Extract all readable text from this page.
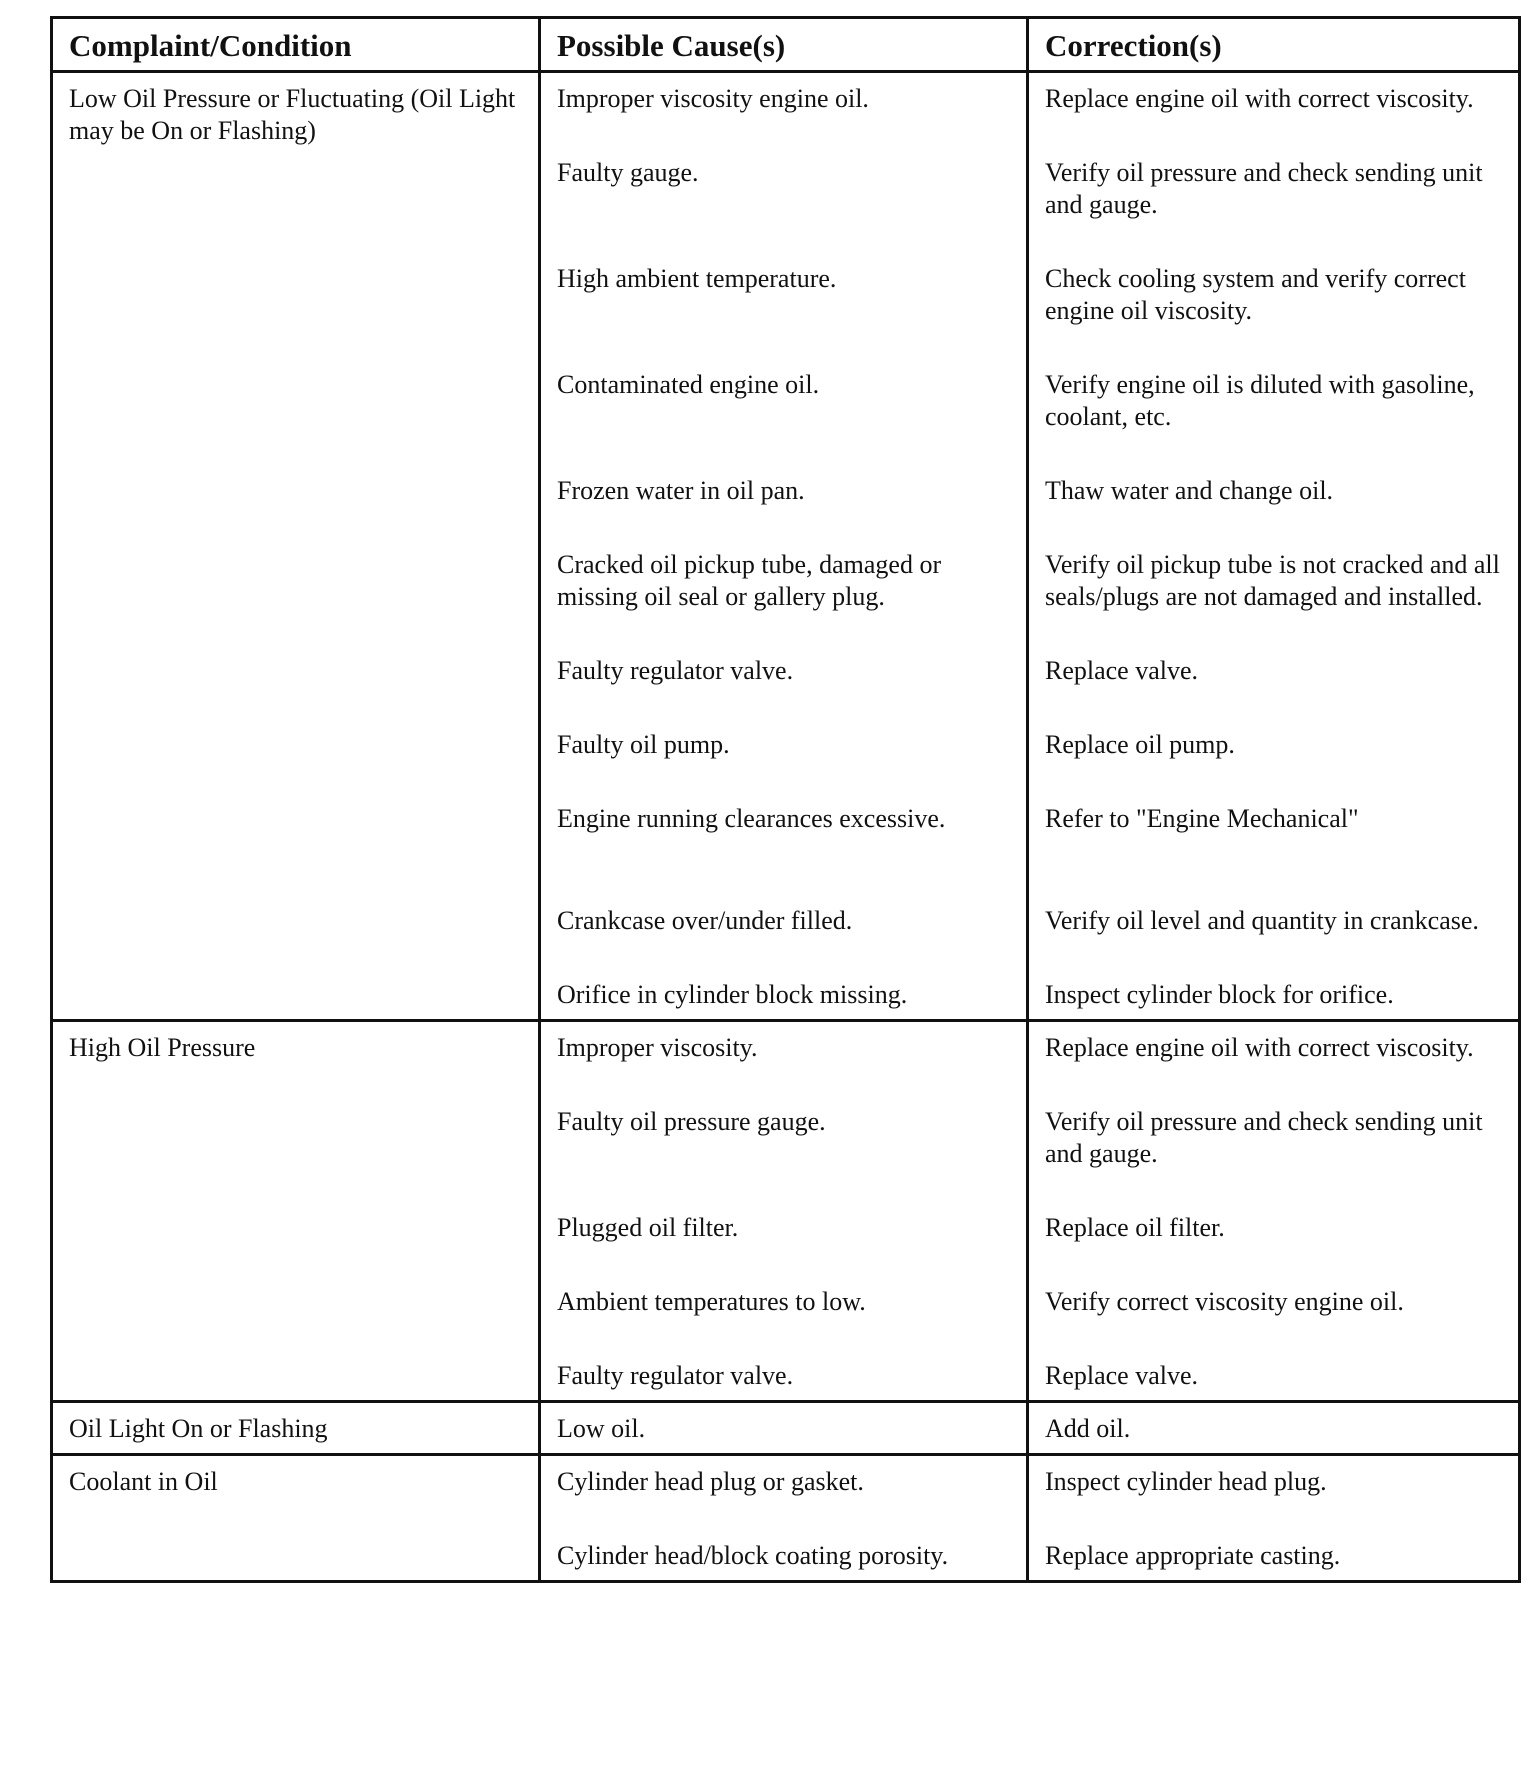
Complaint/Condition	Possible Cause(s)	Correction(s)
Low Oil Pressure or Fluctuating (Oil Light may be On or Flashing)	Improper viscosity engine oil.	Replace engine oil with correct viscosity.
	Faulty gauge.	Verify oil pressure and check sending unit and gauge.
	High ambient temperature.	Check cooling system and verify correct engine oil viscosity.
	Contaminated engine oil.	Verify engine oil is diluted with gasoline, coolant, etc.
	Frozen water in oil pan.	Thaw water and change oil.
	Cracked oil pickup tube, damaged or missing oil seal or gallery plug.	Verify oil pickup tube is not cracked and all seals/plugs are not damaged and installed.
	Faulty regulator valve.	Replace valve.
	Faulty oil pump.	Replace oil pump.
	Engine running clearances excessive.	Refer to "Engine Mechanical"
	Crankcase over/under filled.	Verify oil level and quantity in crankcase.
	Orifice in cylinder block missing.	Inspect cylinder block for orifice.
High Oil Pressure	Improper viscosity.	Replace engine oil with correct viscosity.
	Faulty oil pressure gauge.	Verify oil pressure and check sending unit and gauge.
	Plugged oil filter.	Replace oil filter.
	Ambient temperatures to low.	Verify correct viscosity engine oil.
	Faulty regulator valve.	Replace valve.
Oil Light On or Flashing	Low oil.	Add oil.
Coolant in Oil	Cylinder head plug or gasket.	Inspect cylinder head plug.
	Cylinder head/block coating porosity.	Replace appropriate casting.
